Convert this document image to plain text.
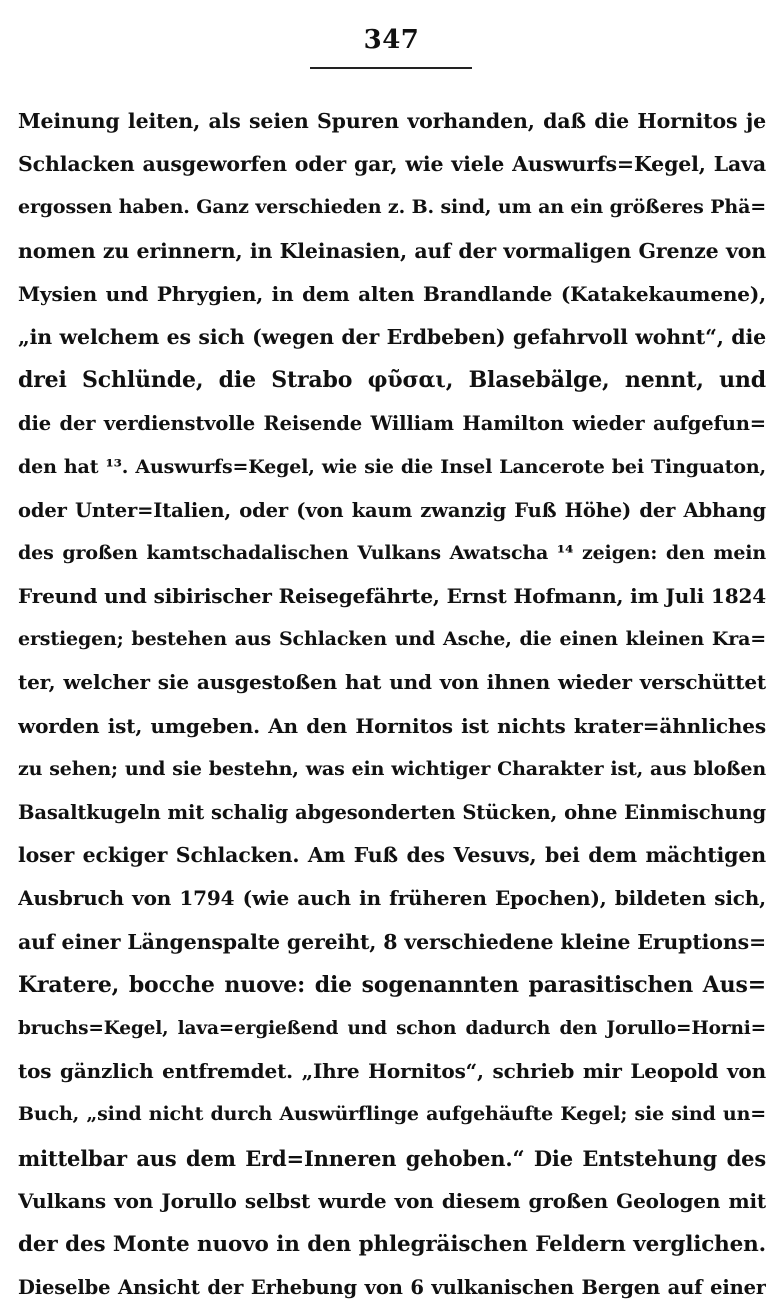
347
Meinung leiten, als seien Spuren vorhanden, daß die Hornitos je
Schlacken ausgeworfen oder gar, wie viele Auswurfs=Kegel, Lava
ergossen haben. Ganz verschieden z. B. sind, um an ein größeres Phä=
nomen zu erinnern, in Kleinasien, auf der vormaligen Grenze von
Mysien und Phrygien, in dem alten Brandlande (Katakekaumene),
„in welchem es sich (wegen der Erdbeben) gefahrvoll wohnt“, die
drei Schlünde, die Strabo φῦσαι, Blasebälge, nennt, und
die der verdienstvolle Reisende William Hamilton wieder aufgefun=
den hat ¹³. Auswurfs=Kegel, wie sie die Insel Lancerote bei Tinguaton,
oder Unter=Italien, oder (von kaum zwanzig Fuß Höhe) der Abhang
des großen kamtschadalischen Vulkans Awatscha ¹⁴ zeigen: den mein
Freund und sibirischer Reisegefährte, Ernst Hofmann, im Juli 1824
erstiegen; bestehen aus Schlacken und Asche, die einen kleinen Kra=
ter, welcher sie ausgestoßen hat und von ihnen wieder verschüttet
worden ist, umgeben. An den Hornitos ist nichts krater=ähnliches
zu sehen; und sie bestehn, was ein wichtiger Charakter ist, aus bloßen
Basaltkugeln mit schalig abgesonderten Stücken, ohne Einmischung
loser eckiger Schlacken. Am Fuß des Vesuvs, bei dem mächtigen
Ausbruch von 1794 (wie auch in früheren Epochen), bildeten sich,
auf einer Längenspalte gereiht, 8 verschiedene kleine Eruptions=
Kratere, bocche nuove: die sogenannten parasitischen Aus=
bruchs=Kegel, lava=ergießend und schon dadurch den Jorullo=Horni=
tos gänzlich entfremdet. „Ihre Hornitos“, schrieb mir Leopold von
Buch, „sind nicht durch Auswürflinge aufgehäufte Kegel; sie sind un=
mittelbar aus dem Erd=Inneren gehoben.“ Die Entstehung des
Vulkans von Jorullo selbst wurde von diesem großen Geologen mit
der des Monte nuovo in den phlegräischen Feldern verglichen.
Dieselbe Ansicht der Erhebung von 6 vulkanischen Bergen auf einer
